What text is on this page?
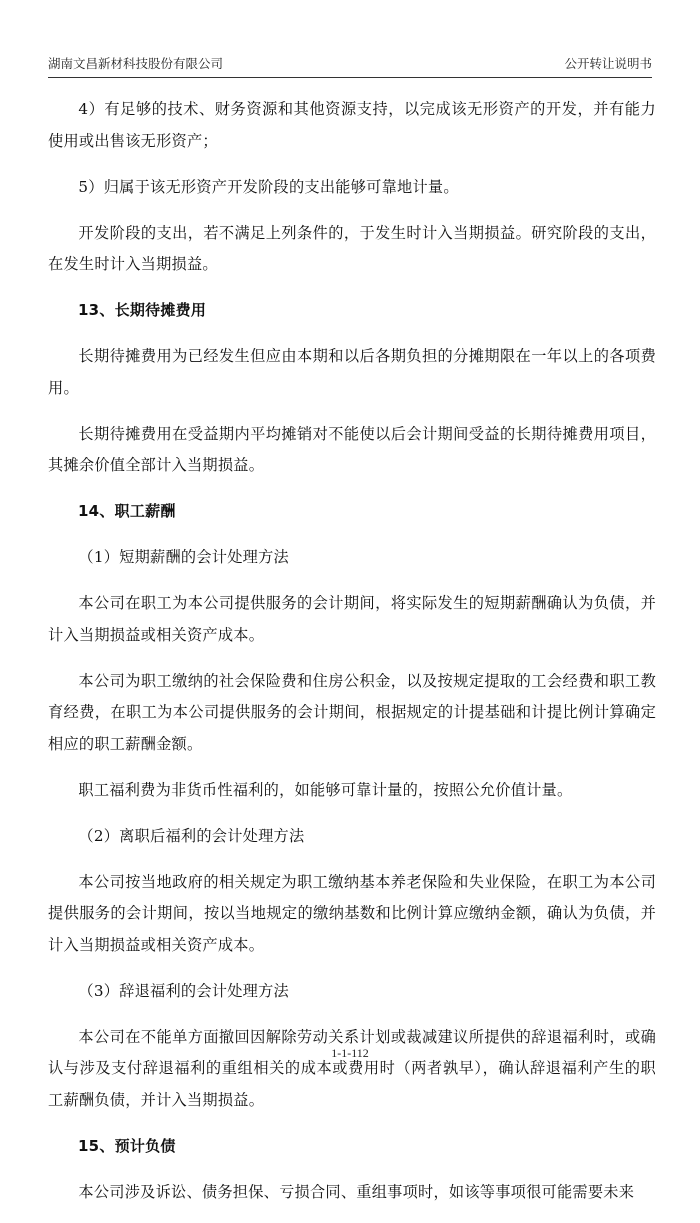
湖南文昌新材科技股份有限公司	公开转让说明书

4）有足够的技术、财务资源和其他资源支持，以完成该无形资产的开发，并有能力使用或出售该无形资产；

5）归属于该无形资产开发阶段的支出能够可靠地计量。

开发阶段的支出，若不满足上列条件的，于发生时计入当期损益。研究阶段的支出，在发生时计入当期损益。

13、长期待摊费用

长期待摊费用为已经发生但应由本期和以后各期负担的分摊期限在一年以上的各项费用。

长期待摊费用在受益期内平均摊销对不能使以后会计期间受益的长期待摊费用项目，其摊余价值全部计入当期损益。

14、职工薪酬

（1）短期薪酬的会计处理方法

本公司在职工为本公司提供服务的会计期间，将实际发生的短期薪酬确认为负债，并计入当期损益或相关资产成本。

本公司为职工缴纳的社会保险费和住房公积金，以及按规定提取的工会经费和职工教育经费，在职工为本公司提供服务的会计期间，根据规定的计提基础和计提比例计算确定相应的职工薪酬金额。

职工福利费为非货币性福利的，如能够可靠计量的，按照公允价值计量。

（2）离职后福利的会计处理方法

本公司按当地政府的相关规定为职工缴纳基本养老保险和失业保险，在职工为本公司提供服务的会计期间，按以当地规定的缴纳基数和比例计算应缴纳金额，确认为负债，并计入当期损益或相关资产成本。

（3）辞退福利的会计处理方法

本公司在不能单方面撤回因解除劳动关系计划或裁减建议所提供的辞退福利时，或确认与涉及支付辞退福利的重组相关的成本或费用时（两者孰早），确认辞退福利产生的职工薪酬负债，并计入当期损益。

15、预计负债

本公司涉及诉讼、债务担保、亏损合同、重组事项时，如该等事项很可能需要未来

1-1-112
